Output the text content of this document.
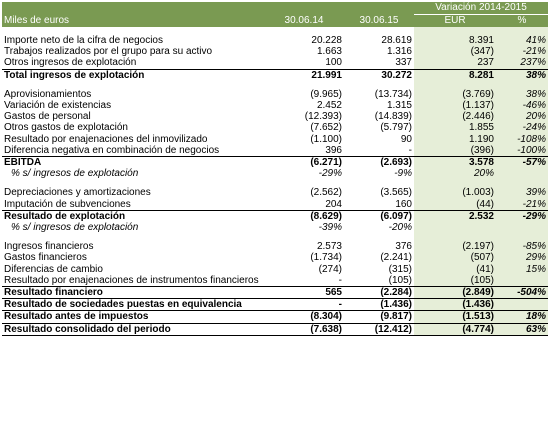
			Variación 2014-2015	
Miles de euros	30.06.14	30.06.15	EUR	%

Importe neto de la cifra de negocios	20.228	28.619	8.391	41%
Trabajos realizados por el grupo para su activo	1.663	1.316	(347)	-21%
Otros ingresos de explotación	100	337	237	237%
Total ingresos de explotación	21.991	30.272	8.281	38%

Aprovisionamientos	(9.965)	(13.734)	(3.769)	38%
Variación de existencias	2.452	1.315	(1.137)	-46%
Gastos de personal	(12.393)	(14.839)	(2.446)	20%
Otros gastos de explotación	(7.652)	(5.797)	1.855	-24%
Resultado por enajenaciones del inmovilizado	(1.100)	90	1.190	-108%
Diferencia negativa en combinación de negocios	396	-	(396)	-100%
EBITDA	(6.271)	(2.693)	3.578	-57%
% s/ ingresos de explotación	-29%	-9%	20%	

Depreciaciones y amortizaciones	(2.562)	(3.565)	(1.003)	39%
Imputación de subvenciones	204	160	(44)	-21%
Resultado de explotación	(8.629)	(6.097)	2.532	-29%
% s/ ingresos de explotación	-39%	-20%		

Ingresos financieros	2.573	376	(2.197)	-85%
Gastos financieros	(1.734)	(2.241)	(507)	29%
Diferencias de cambio	(274)	(315)	(41)	15%
Resultado por enajenaciones de instrumentos financieros	-	(105)	(105)	
Resultado financiero	565	(2.284)	(2.849)	-504%
Resultado de sociedades puestas en equivalencia	-	(1.436)	(1.436)	
Resultado antes de impuestos	(8.304)	(9.817)	(1.513)	18%
Resultado consolidado del periodo	(7.638)	(12.412)	(4.774)	63%
